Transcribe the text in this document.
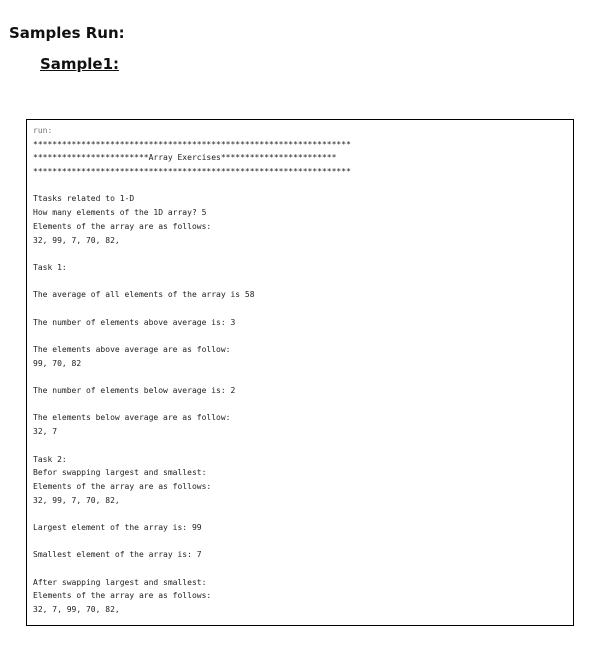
Samples Run:
Sample1:
run:
******************************************************************
************************Array Exercises************************
******************************************************************
Ttasks related to 1-D
How many elements of the 1D array? 5
Elements of the array are as follows:
32, 99, 7, 70, 82,
Task 1:
The average of all elements of the array is 58
The number of elements above average is: 3
The elements above average are as follow:
99, 70, 82
The number of elements below average is: 2
The elements below average are as follow:
32, 7
Task 2:
Befor swapping largest and smallest:
Elements of the array are as follows:
32, 99, 7, 70, 82,
Largest element of the array is: 99
Smallest element of the array is: 7
After swapping largest and smallest:
Elements of the array are as follows:
32, 7, 99, 70, 82,
